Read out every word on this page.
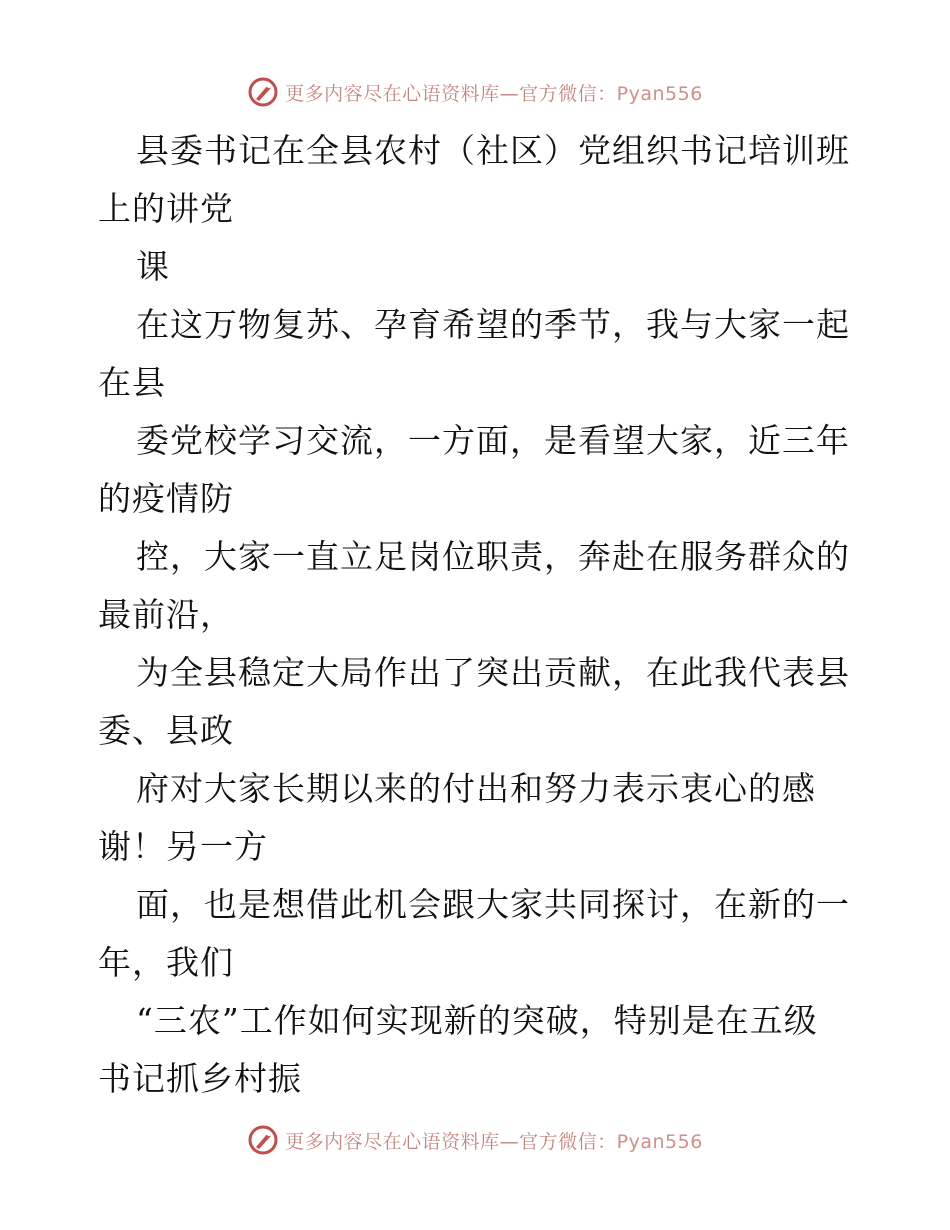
更多内容尽在心语资料库—官方微信：Pyan556
县委书记在全县农村（社区）党组织书记培训班
上的讲党
课
在这万物复苏、孕育希望的季节，我与大家一起
在县
委党校学习交流，一方面，是看望大家，近三年
的疫情防
控，大家一直立足岗位职责，奔赴在服务群众的
最前沿，
为全县稳定大局作出了突出贡献，在此我代表县
委、县政
府对大家长期以来的付出和努力表示衷心的感
谢！另一方
面，也是想借此机会跟大家共同探讨，在新的一
年，我们
“三农”工作如何实现新的突破，特别是在五级
书记抓乡村振
更多内容尽在心语资料库—官方微信：Pyan556
